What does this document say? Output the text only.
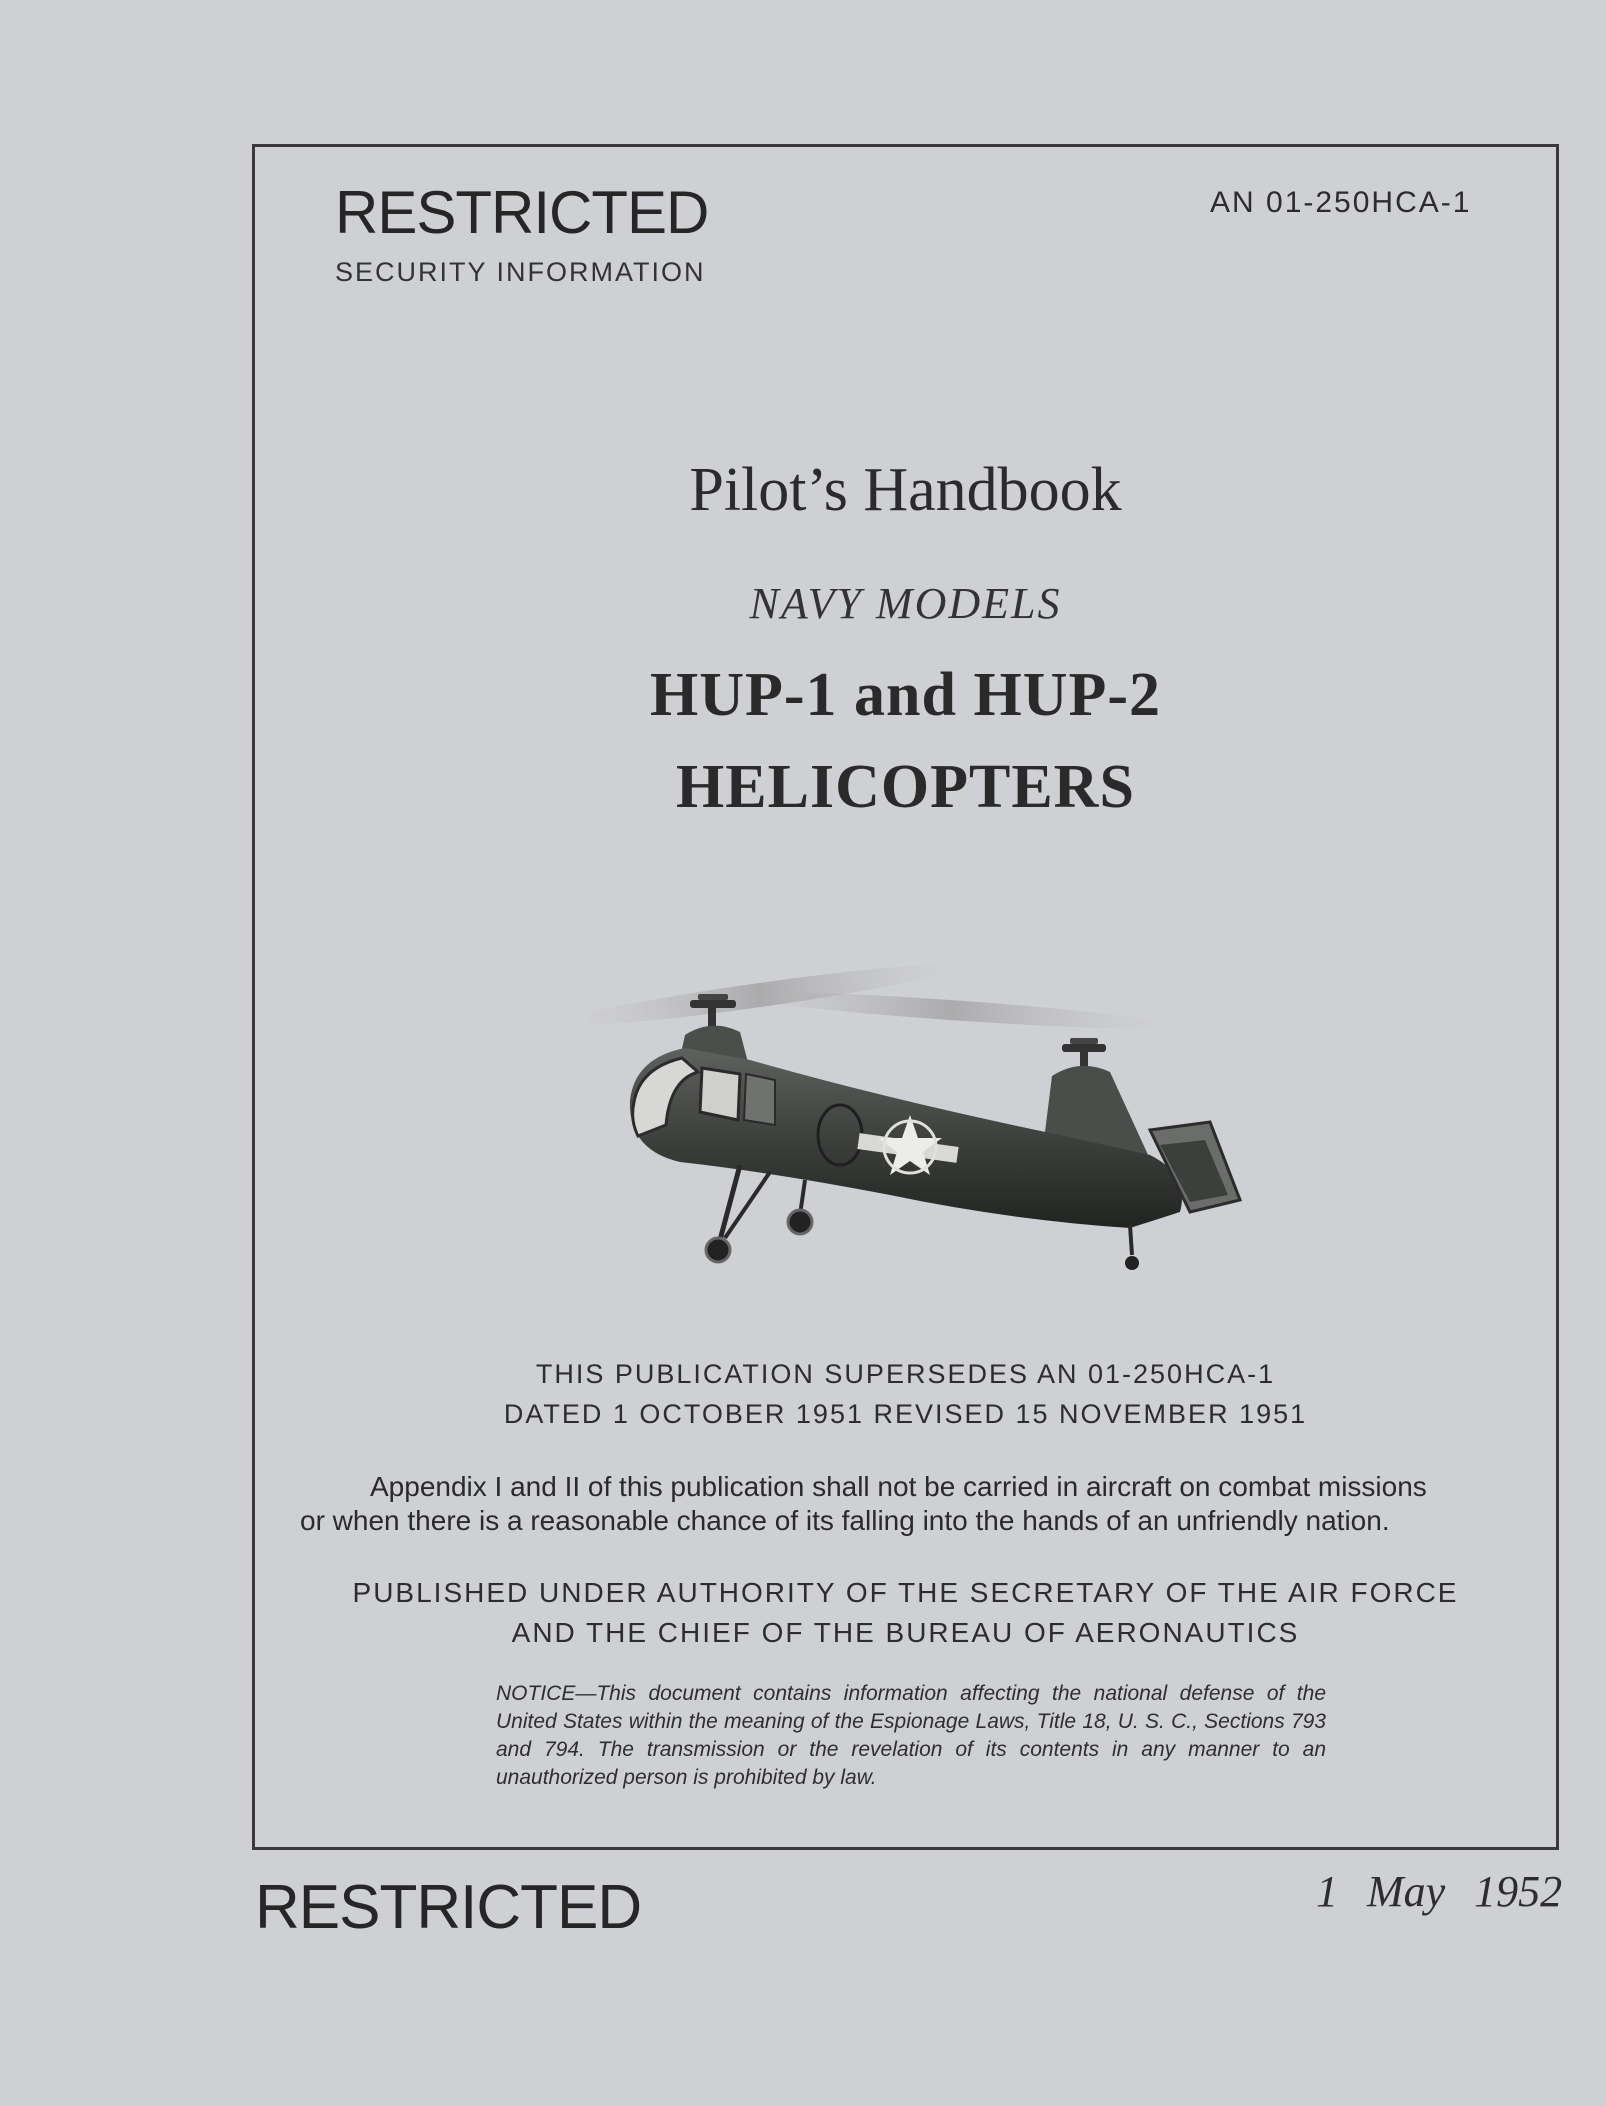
RESTRICTED
SECURITY INFORMATION
AN 01-250HCA-1
Pilot’s Handbook
NAVY MODELS
HUP-1 and HUP-2
HELICOPTERS
THIS PUBLICATION SUPERSEDES AN 01-250HCA-1
DATED 1 OCTOBER 1951 REVISED 15 NOVEMBER 1951

Appendix I and II of this publication shall not be carried in aircraft on combat missions

or when there is a reasonable chance of its falling into the hands of an unfriendly nation.

PUBLISHED UNDER AUTHORITY OF THE SECRETARY OF THE AIR FORCE
AND THE CHIEF OF THE BUREAU OF AERONAUTICS
NOTICE—This document contains information affecting the national defense of the United States within the meaning of the Espionage Laws, Title 18, U. S. C., Sections 793 and 794. The transmission or the revelation of its contents in any manner to an unauthorized person is prohibited by law.
RESTRICTED	1 May 1952
